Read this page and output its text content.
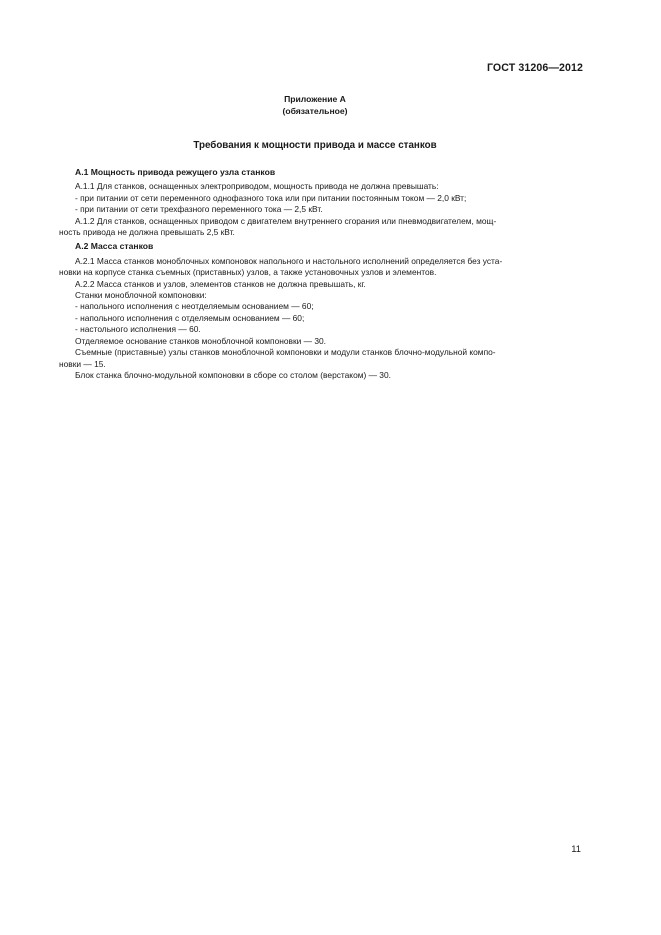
ГОСТ 31206—2012
Приложение А
(обязательное)
Требования к мощности привода и массе станков
А.1 Мощность привода режущего узла станков
А.1.1 Для станков, оснащенных электроприводом, мощность привода не должна превышать:
- при питании от сети переменного однофазного тока или при питании постоянным током — 2,0 кВт;
- при питании от сети трехфазного переменного тока — 2,5 кВт.
А.1.2 Для станков, оснащенных приводом с двигателем внутреннего сгорания или пневмодвигателем, мощ-
ность привода не должна превышать 2,5 кВт.
А.2 Масса станков
А.2.1 Масса станков моноблочных компоновок напольного и настольного исполнений определяется без уста-
новки на корпусе станка съемных (приставных) узлов, а также установочных узлов и элементов.
А.2.2 Масса станков и узлов, элементов станков не должна превышать, кг.
Станки моноблочной компоновки:
- напольного исполнения с неотделяемым основанием — 60;
- напольного исполнения с отделяемым основанием — 60;
- настольного исполнения — 60.
Отделяемое основание станков моноблочной компоновки — 30.
Съемные (приставные) узлы станков моноблочной компоновки и модули станков блочно-модульной компо-
новки — 15.
Блок станка блочно-модульной компоновки в сборе со столом (верстаком) — 30.
11
